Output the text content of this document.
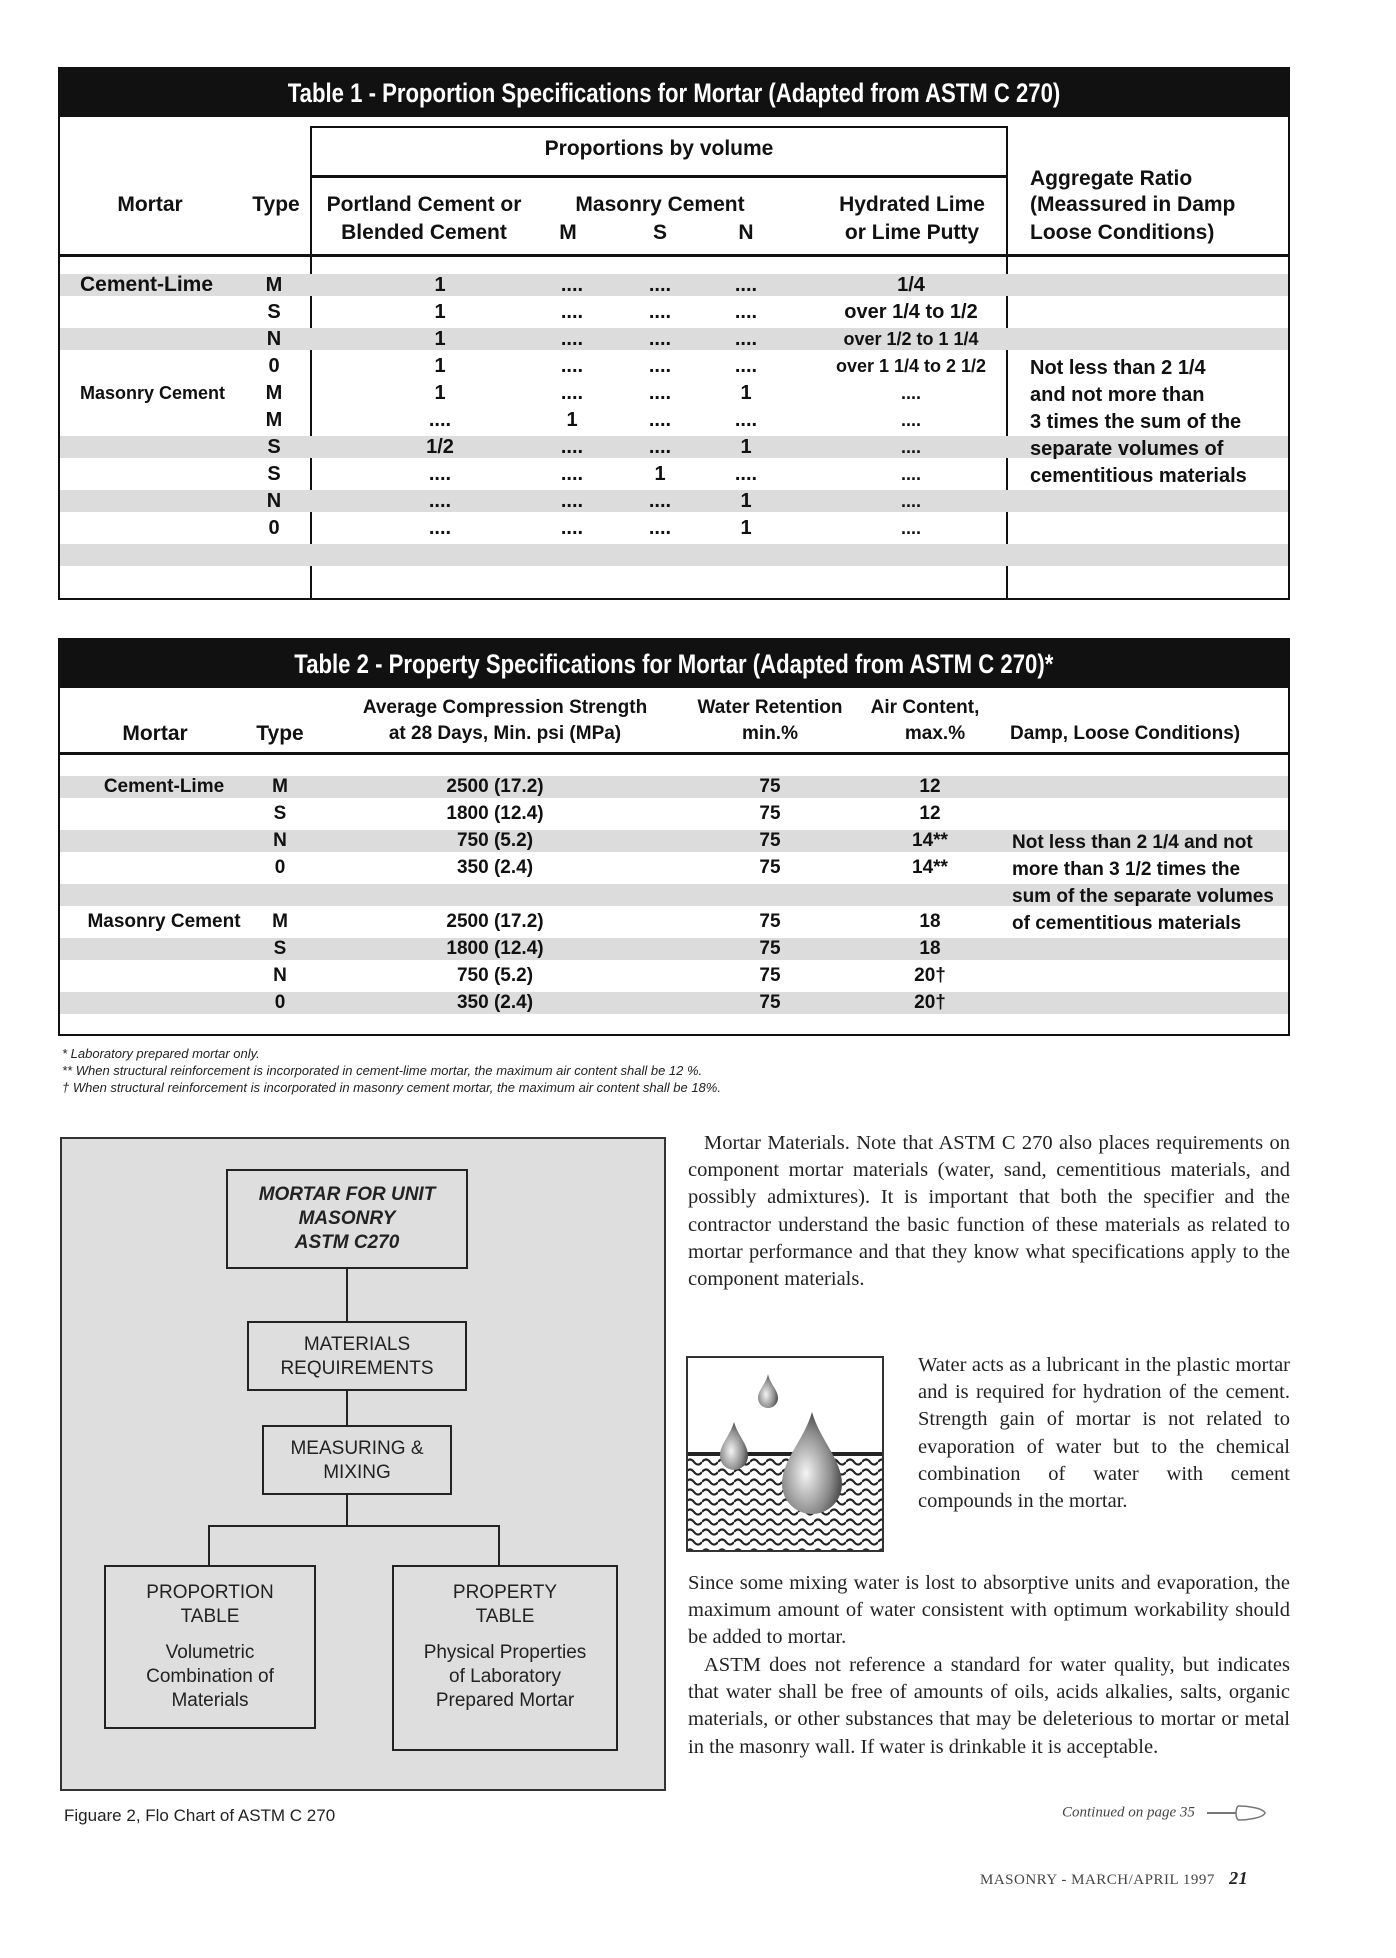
Table 1 - Proportion Specifications for Mortar (Adapted from ASTM C 270)
Proportions by volume
Mortar	Type	Portland Cement or
Blended Cement
Masonry Cement
M	S	N
Hydrated Lime
or Lime Putty
Aggregate Ratio
(Meassured in Damp
Loose Conditions)
Cement-Lime	M	1	....	....	....	1/4
S	1	....	....	....	over 1/4 to 1/2
N	1	....	....	....	over 1/2 to 1 1/4
0	1	....	....	....	over 1 1/4 to 2 1/2
Masonry Cement	M	1	....	....	1	....
M	....	1	....	....	....
S	1/2	....	....	1	....
S	....	....	1	....	....
N	....	....	....	1	....
0	....	....	....	1	....
Not less than 2 1/4
and not more than
3 times the sum of the
separate volumes of
cementitious materials
Table 2 - Property Specifications for Mortar (Adapted from ASTM C 270)*
Mortar	Type
Average Compression Strength
at 28 Days, Min. psi (MPa)
Water Retention
min.%
Air Content,
max.%	Damp, Loose Conditions)
Cement-Lime	M	2500 (17.2)	75	12
S	1800 (12.4)	75	12
N	750 (5.2)	75	14**
0	350 (2.4)	75	14**
Masonry Cement	M	2500 (17.2)	75	18
S	1800 (12.4)	75	18
N	750 (5.2)	75	20†
0	350 (2.4)	75	20†
Not less than 2 1/4 and not
more than 3 1/2 times the
sum of the separate volumes
of cementitious materials
* Laboratory prepared mortar only.
** When structural reinforcement is incorporated in cement-lime mortar, the maximum air content shall be 12 %.
† When structural reinforcement is incorporated in masonry cement mortar, the maximum air content shall be 18%.
MORTAR FOR UNIT
MASONRY
ASTM C270
MATERIALS
REQUIREMENTS
MEASURING &
MIXING
PROPORTION
TABLE
Volumetric
Combination of
Materials
PROPERTY
TABLE
Physical Properties
of Laboratory
Prepared Mortar
Figuare 2, Flo Chart of ASTM C 270
Mortar Materials. Note that ASTM C 270 also places requirements on component mortar materials (water, sand, cementitious materials, and possibly admixtures). It is important that both the specifier and the contractor understand the basic function of these materials as related to mortar performance and that they know what specifications apply to the component materials.
Water acts as a lubricant in the plastic mortar and is required for hydration of the cement. Strength gain of mortar is not related to evaporation of water but to the chemical combination of water with cement compounds in the mortar.
Since some mixing water is lost to absorptive units and evaporation, the maximum amount of water consistent with optimum workability should be added to mortar.
ASTM does not reference a standard for water quality, but indicates that water shall be free of amounts of oils, acids alkalies, salts, organic materials, or other substances that may be deleterious to mortar or metal in the masonry wall. If water is drinkable it is acceptable.
Continued on page 35
MASONRY - MARCH/APRIL 1997 21
